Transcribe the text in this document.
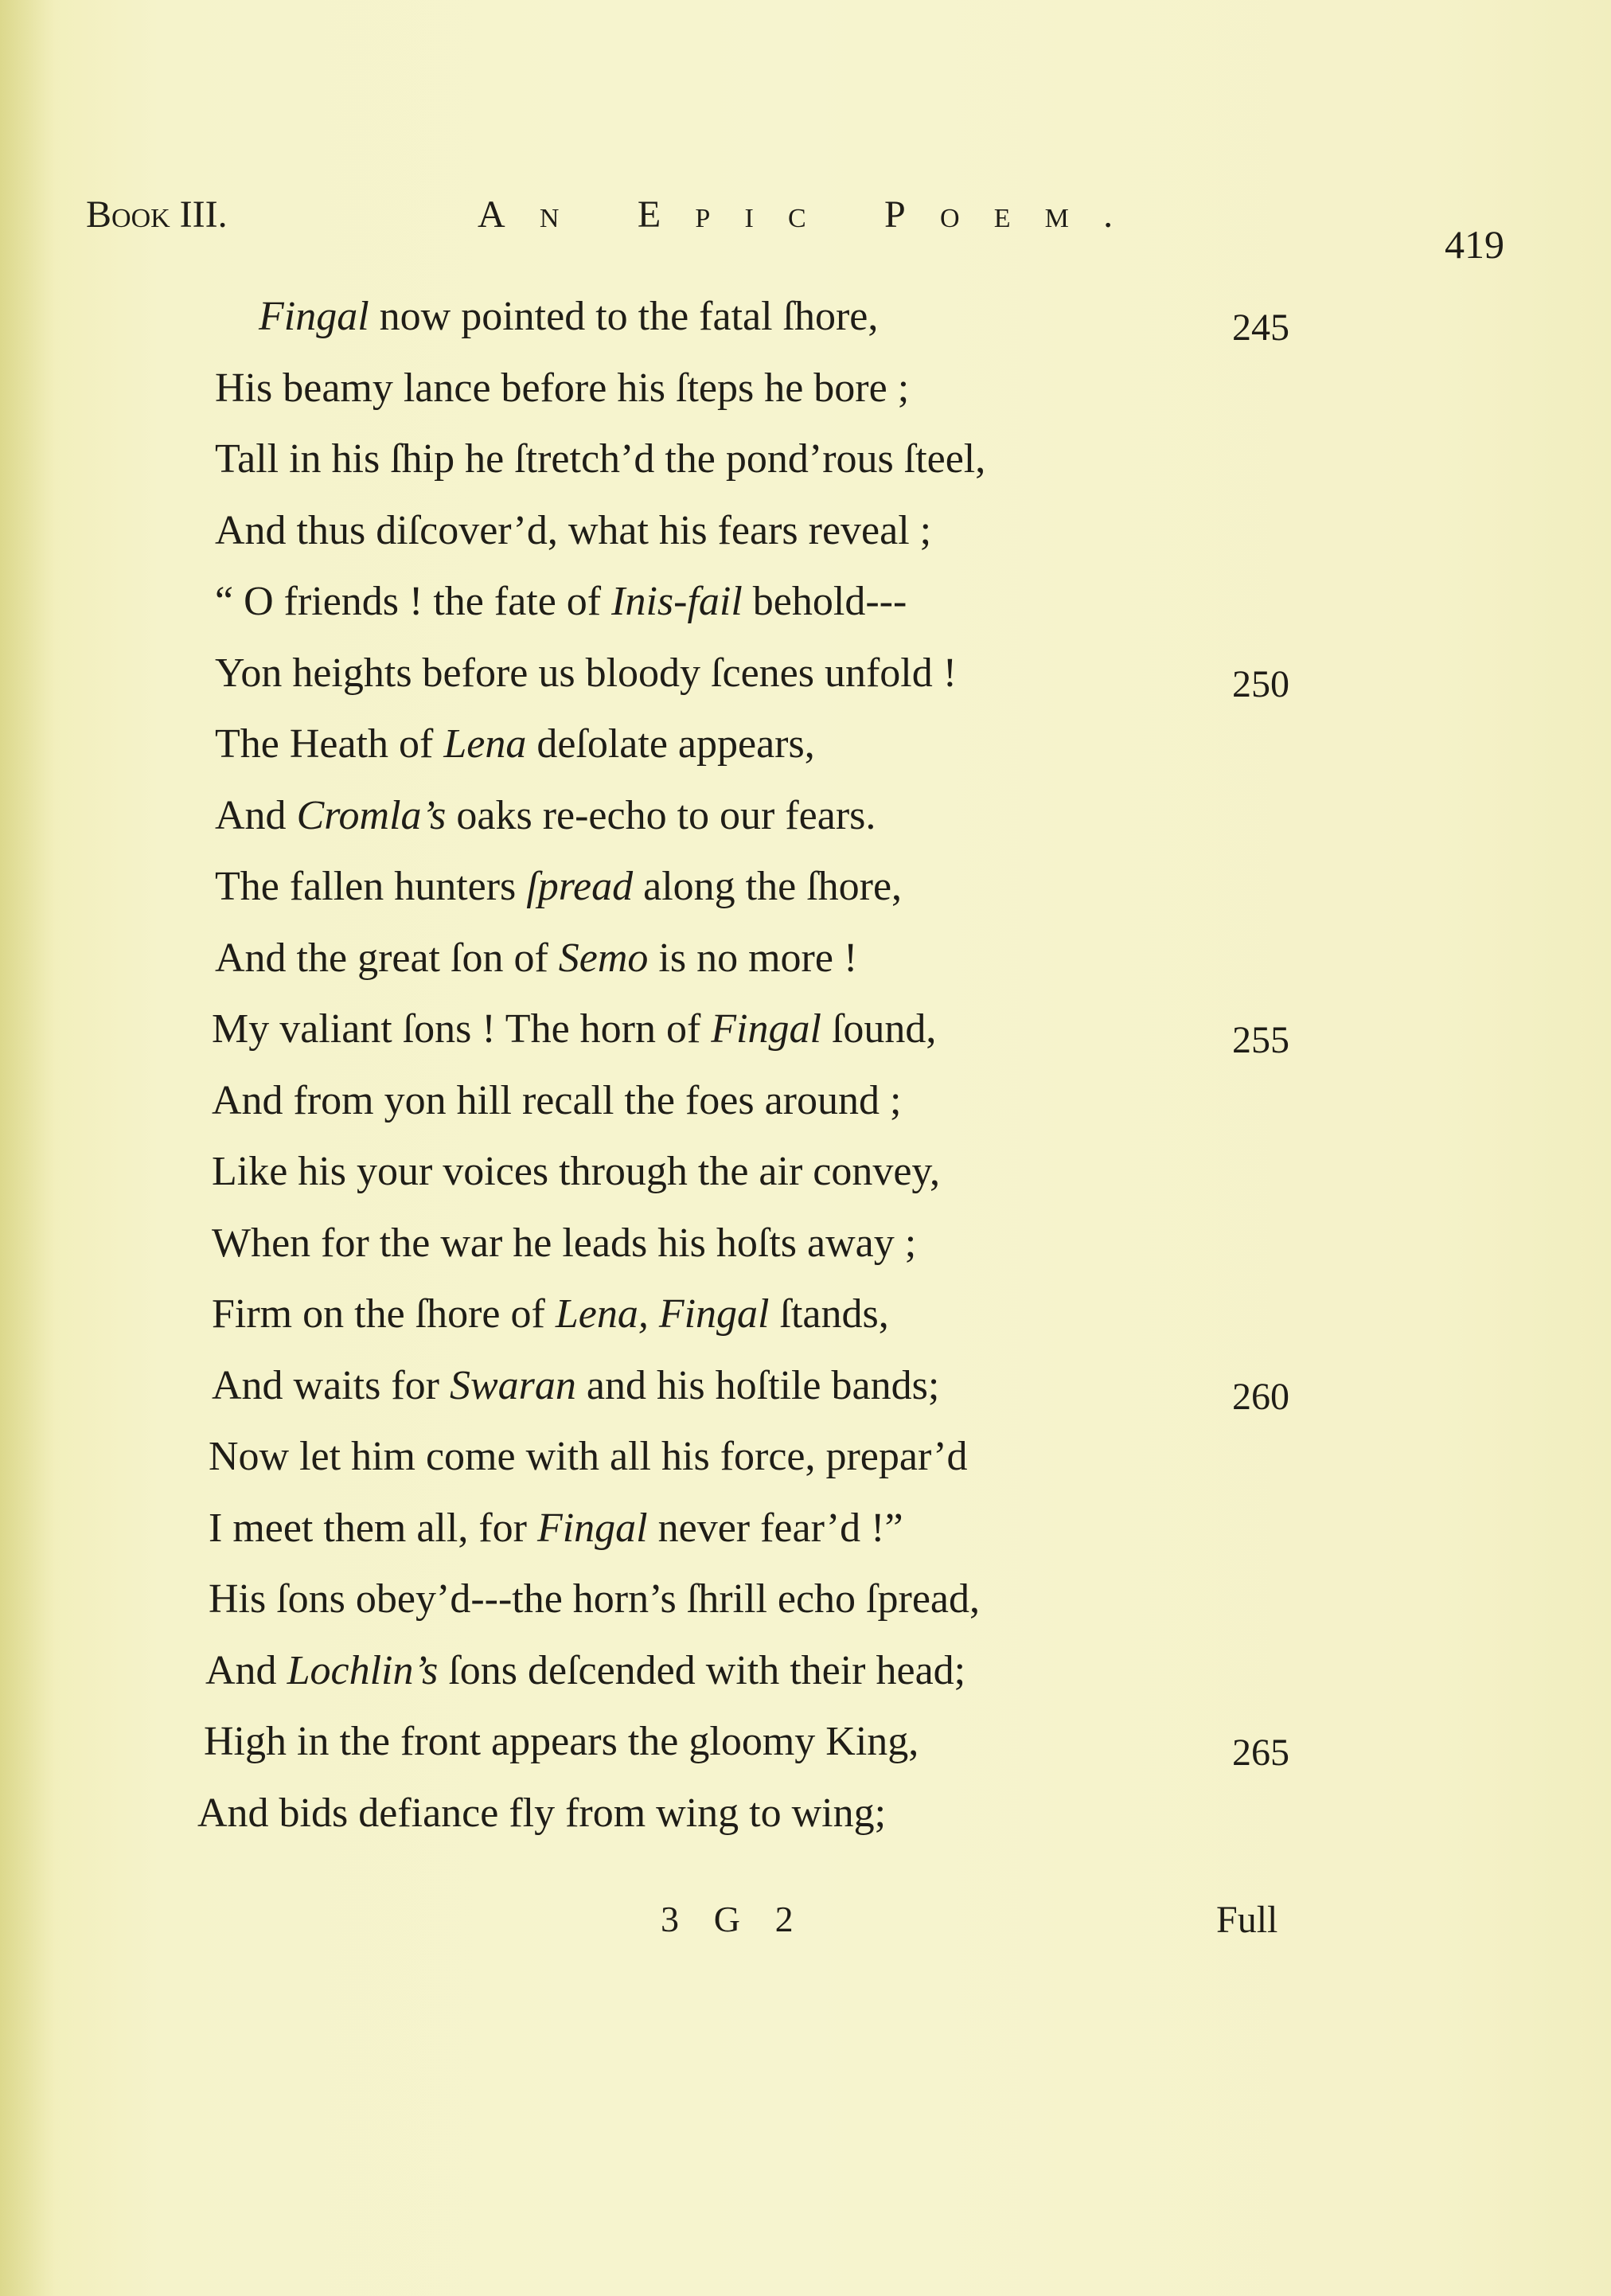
Book III.	An Epic Poem.
419
Fingal now pointed to the fatal ſhore,	245
His beamy lance before his ſteps he bore ;
Tall in his ſhip he ſtretch’d the pond’rous ſteel,
And thus diſcover’d, what his fears reveal ;
“ O friends ! the fate of Inis-fail behold---
Yon heights before us bloody ſcenes unfold !	250
The Heath of Lena deſolate appears,
And Cromla’s oaks re-echo to our fears.
The fallen hunters ſpread along the ſhore,
And the great ſon of Semo is no more !
My valiant ſons ! The horn of Fingal ſound,	255
And from yon hill recall the foes around ;
Like his your voices through the air convey,
When for the war he leads his hoſts away ;
Firm on the ſhore of Lena, Fingal ſtands,
And waits for Swaran and his hoſtile bands;	260
Now let him come with all his force, prepar’d
I meet them all, for Fingal never fear’d !”
His ſons obey’d---the horn’s ſhrill echo ſpread,
And Lochlin’s ſons deſcended with their head;
High in the front appears the gloomy King,	265
And bids defiance fly from wing to wing;
3 G 2	Full
